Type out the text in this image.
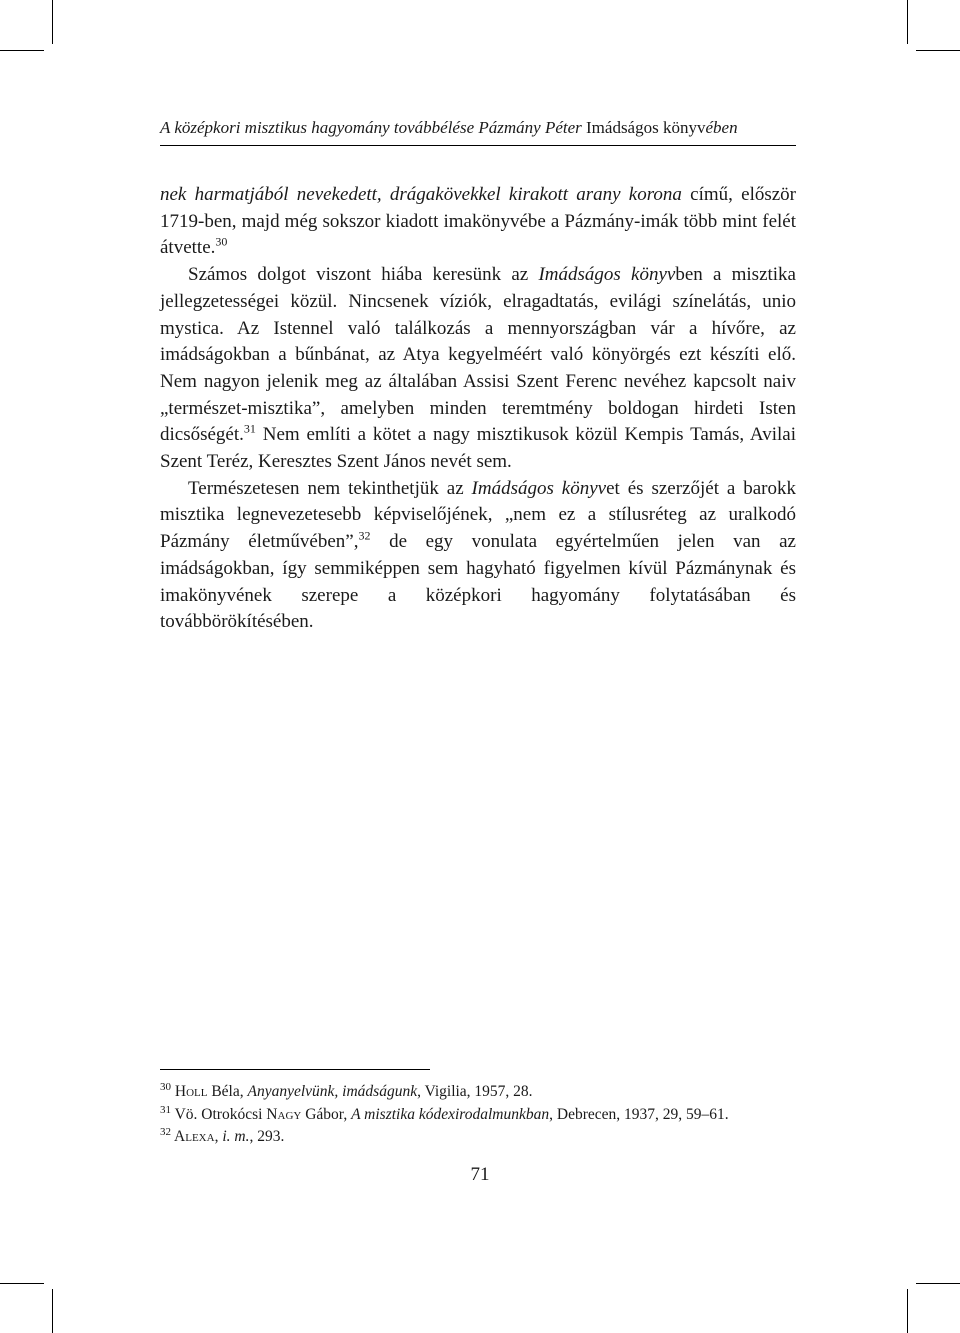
A középkori misztikus hagyomány továbbélése Pázmány Péter Imádságos könyvében

nek harmatjából nevekedett, drágakövekkel kirakott arany korona című, először 1719-ben, majd még sokszor kiadott imakönyvébe a Pázmány-imák több mint felét átvette.$^{30}$

Számos dolgot viszont hiába keresünk az Imádságos könyvben a misztika jellegzetességei közül. Nincsenek víziók, elragadtatás, evilági színelátás, unio mystica. Az Istennel való találkozás a mennyországban vár a hívőre, az imádságokban a bűnbánat, az Atya kegyelméért való könyörgés ezt készíti elő. Nem nagyon jelenik meg az általában Assisi Szent Ferenc nevéhez kapcsolt naiv „természet-misztika”, amelyben minden teremtmény boldogan hirdeti Isten dicsőségét.$^{31}$ Nem említi a kötet a nagy misztikusok közül Kempis Tamás, Avilai Szent Teréz, Keresztes Szent János nevét sem.

Természetesen nem tekinthetjük az Imádságos könyvet és szerzőjét a barokk misztika legnevezetesebb képviselőjének, „nem ez a stílusréteg az uralkodó Pázmány életművében”,$^{32}$ de egy vonulata egyértelműen jelen van az imádságokban, így semmiképpen sem hagyható figyelmen kívül Pázmánynak és imakönyvének szerepe a középkori hagyomány folytatásában és továbbörökítésében.

$^{30}$ Holl Béla, Anyanyelvünk, imádságunk, Vigilia, 1957, 28.
$^{31}$ Vö. Otrokócsi Nagy Gábor, A misztika kódexirodalmunkban, Debrecen, 1937, 29, 59–61.
$^{32}$ Alexa, i. m., 293.
71
